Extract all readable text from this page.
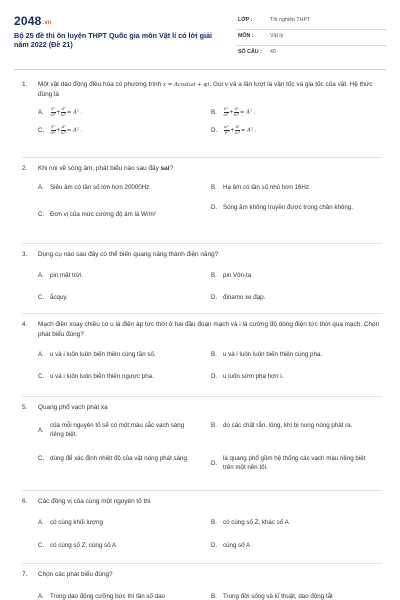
2048.vn
Bộ 25 đề thi ôn luyện THPT Quốc gia môn Vật lí có lời giải năm 2022 (Đề 21)
LỚP :	Tốt nghiệp THPT
MÔN :	Vật lý
SỐ CÂU : 40
1. Một vật dao động điều hòa có phương trình x = Acos(ωt + φ). Gọi v và a lần lượt là vận tốc và gia tốc của vật. Hệ thức đúng là
A.	$\frac{\text{v²}}{\text{ω⁴}} + \frac{\text{a²}}{\text{ω²}} = A^2$ .	B.	$\frac{\text{v²}}{\text{ω²}} + \frac{\text{a²}}{\text{ω²}} = A^2$ .
C.	$\frac{\text{v²}}{\text{ω²}} + \frac{\text{a²}}{\text{ω⁴}} = A^2$ .	D.	$\frac{\text{ω²}}{\text{v²}} + \frac{\text{a²}}{\text{ω⁴}} = A^2$ .
2. Khi nói về sóng âm, phát biểu nào sau đây sai?
A. Siêu âm có tần số lớn hơn 20000Hz.	B. Hạ âm có tần số nhỏ hơn 16Hz.
C. Đơn vị của mức cường độ âm là W/m²
D. Sóng âm không truyền được trong chân không.
3. Dụng cụ nào sau đây có thể biến quang năng thành điện năng?
A. pin mặt trời.	B. pin Vôn-ta
C. ắcquy.	D. đinamo xe đạp.
4. Mạch điện xoay chiều có u là điện áp tức thời ở hai đầu đoạn mạch và i là cường độ dòng điện tức thời qua mạch. Chọn phát biểu đúng?
A. u và i luôn luôn biến thiên cùng tần số.	B. u và i luôn luôn biến thiên cùng pha.
C. u và i luôn luôn biến thiên ngược pha.	D. u luôn sớm pha hơn i.
5. Quang phổ vạch phát xạ
A.
của mỗi nguyên tố sẽ có một màu sắc vạch sáng riêng biệt.
B. do các chất rắn, lỏng, khí bị nung nóng phát ra.
C. dùng để xác định nhiệt độ của vật nóng phát sáng.
D.
là quang phổ gồm hệ thống các vạch màu riêng biệt trên một nền tối.
6. Các đồng vị của cùng một nguyên tố thì
A. có cùng khối lượng	B. có cùng số Z, khác số A
C. có cùng số Z, cùng số A	D. cùng số A
7. Chọn các phát biểu đúng?
A. Trong dao động cưỡng bức thì tần số dao	B. Trong đời sống và kĩ thuật, dao động tắt
